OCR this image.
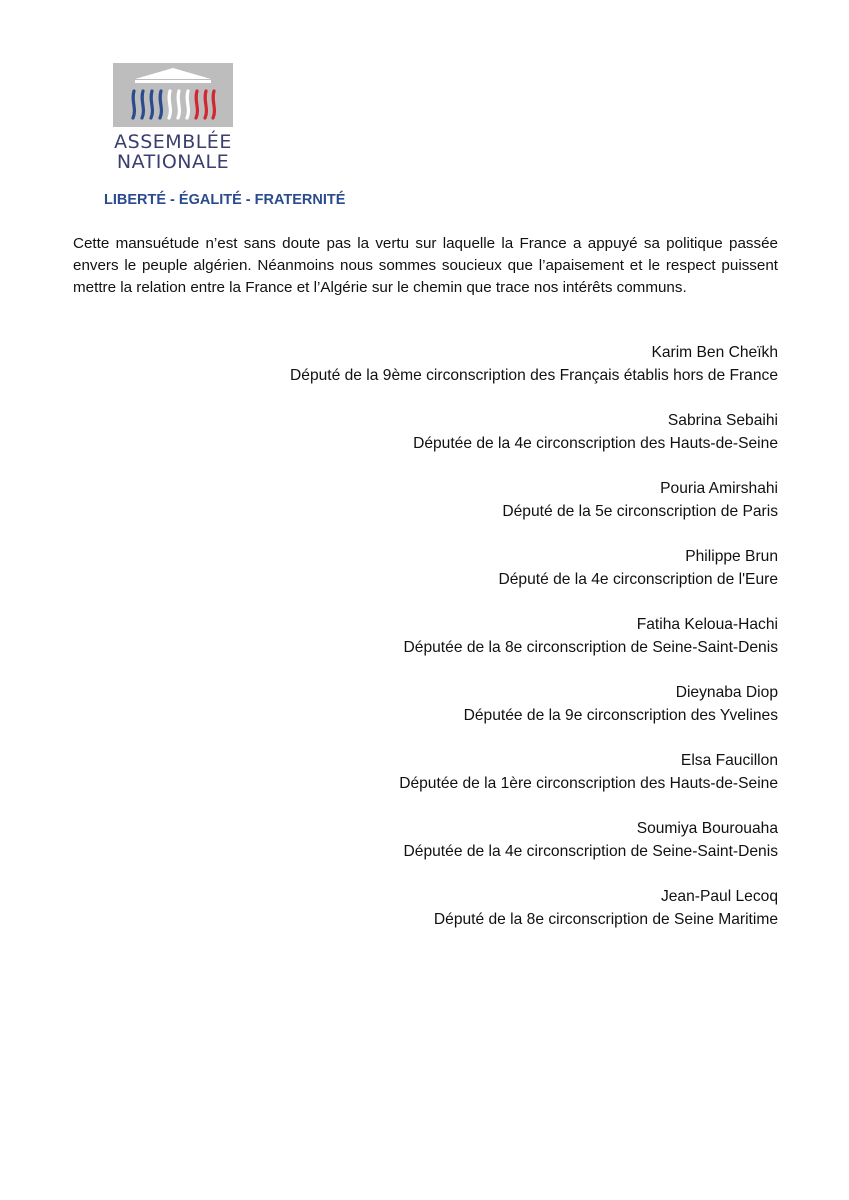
ASSEMBLÉE
NATIONALE
LIBERTÉ - ÉGALITÉ - FRATERNITÉ

Cette mansuétude n’est sans doute pas la vertu sur laquelle la France a appuyé sa politique passée envers le peuple algérien. Néanmoins nous sommes soucieux que l’apaisement et le respect puissent mettre la relation entre la France et l’Algérie sur le chemin que trace nos intérêts communs.

Karim Ben Cheïkh
Député de la 9ème circonscription des Français établis hors de France
Sabrina Sebaihi
Députée de la 4e circonscription des Hauts-de-Seine
Pouria Amirshahi
Député de la 5e circonscription de Paris
Philippe Brun
Député de la 4e circonscription de l'Eure
Fatiha Keloua-Hachi
Députée de la 8e circonscription de Seine-Saint-Denis
Dieynaba Diop
Députée de la 9e circonscription des Yvelines
Elsa Faucillon
Députée de la 1ère circonscription des Hauts-de-Seine
Soumiya Bourouaha
Députée de la 4e circonscription de Seine-Saint-Denis
Jean-Paul Lecoq
Député de la 8e circonscription de Seine Maritime
